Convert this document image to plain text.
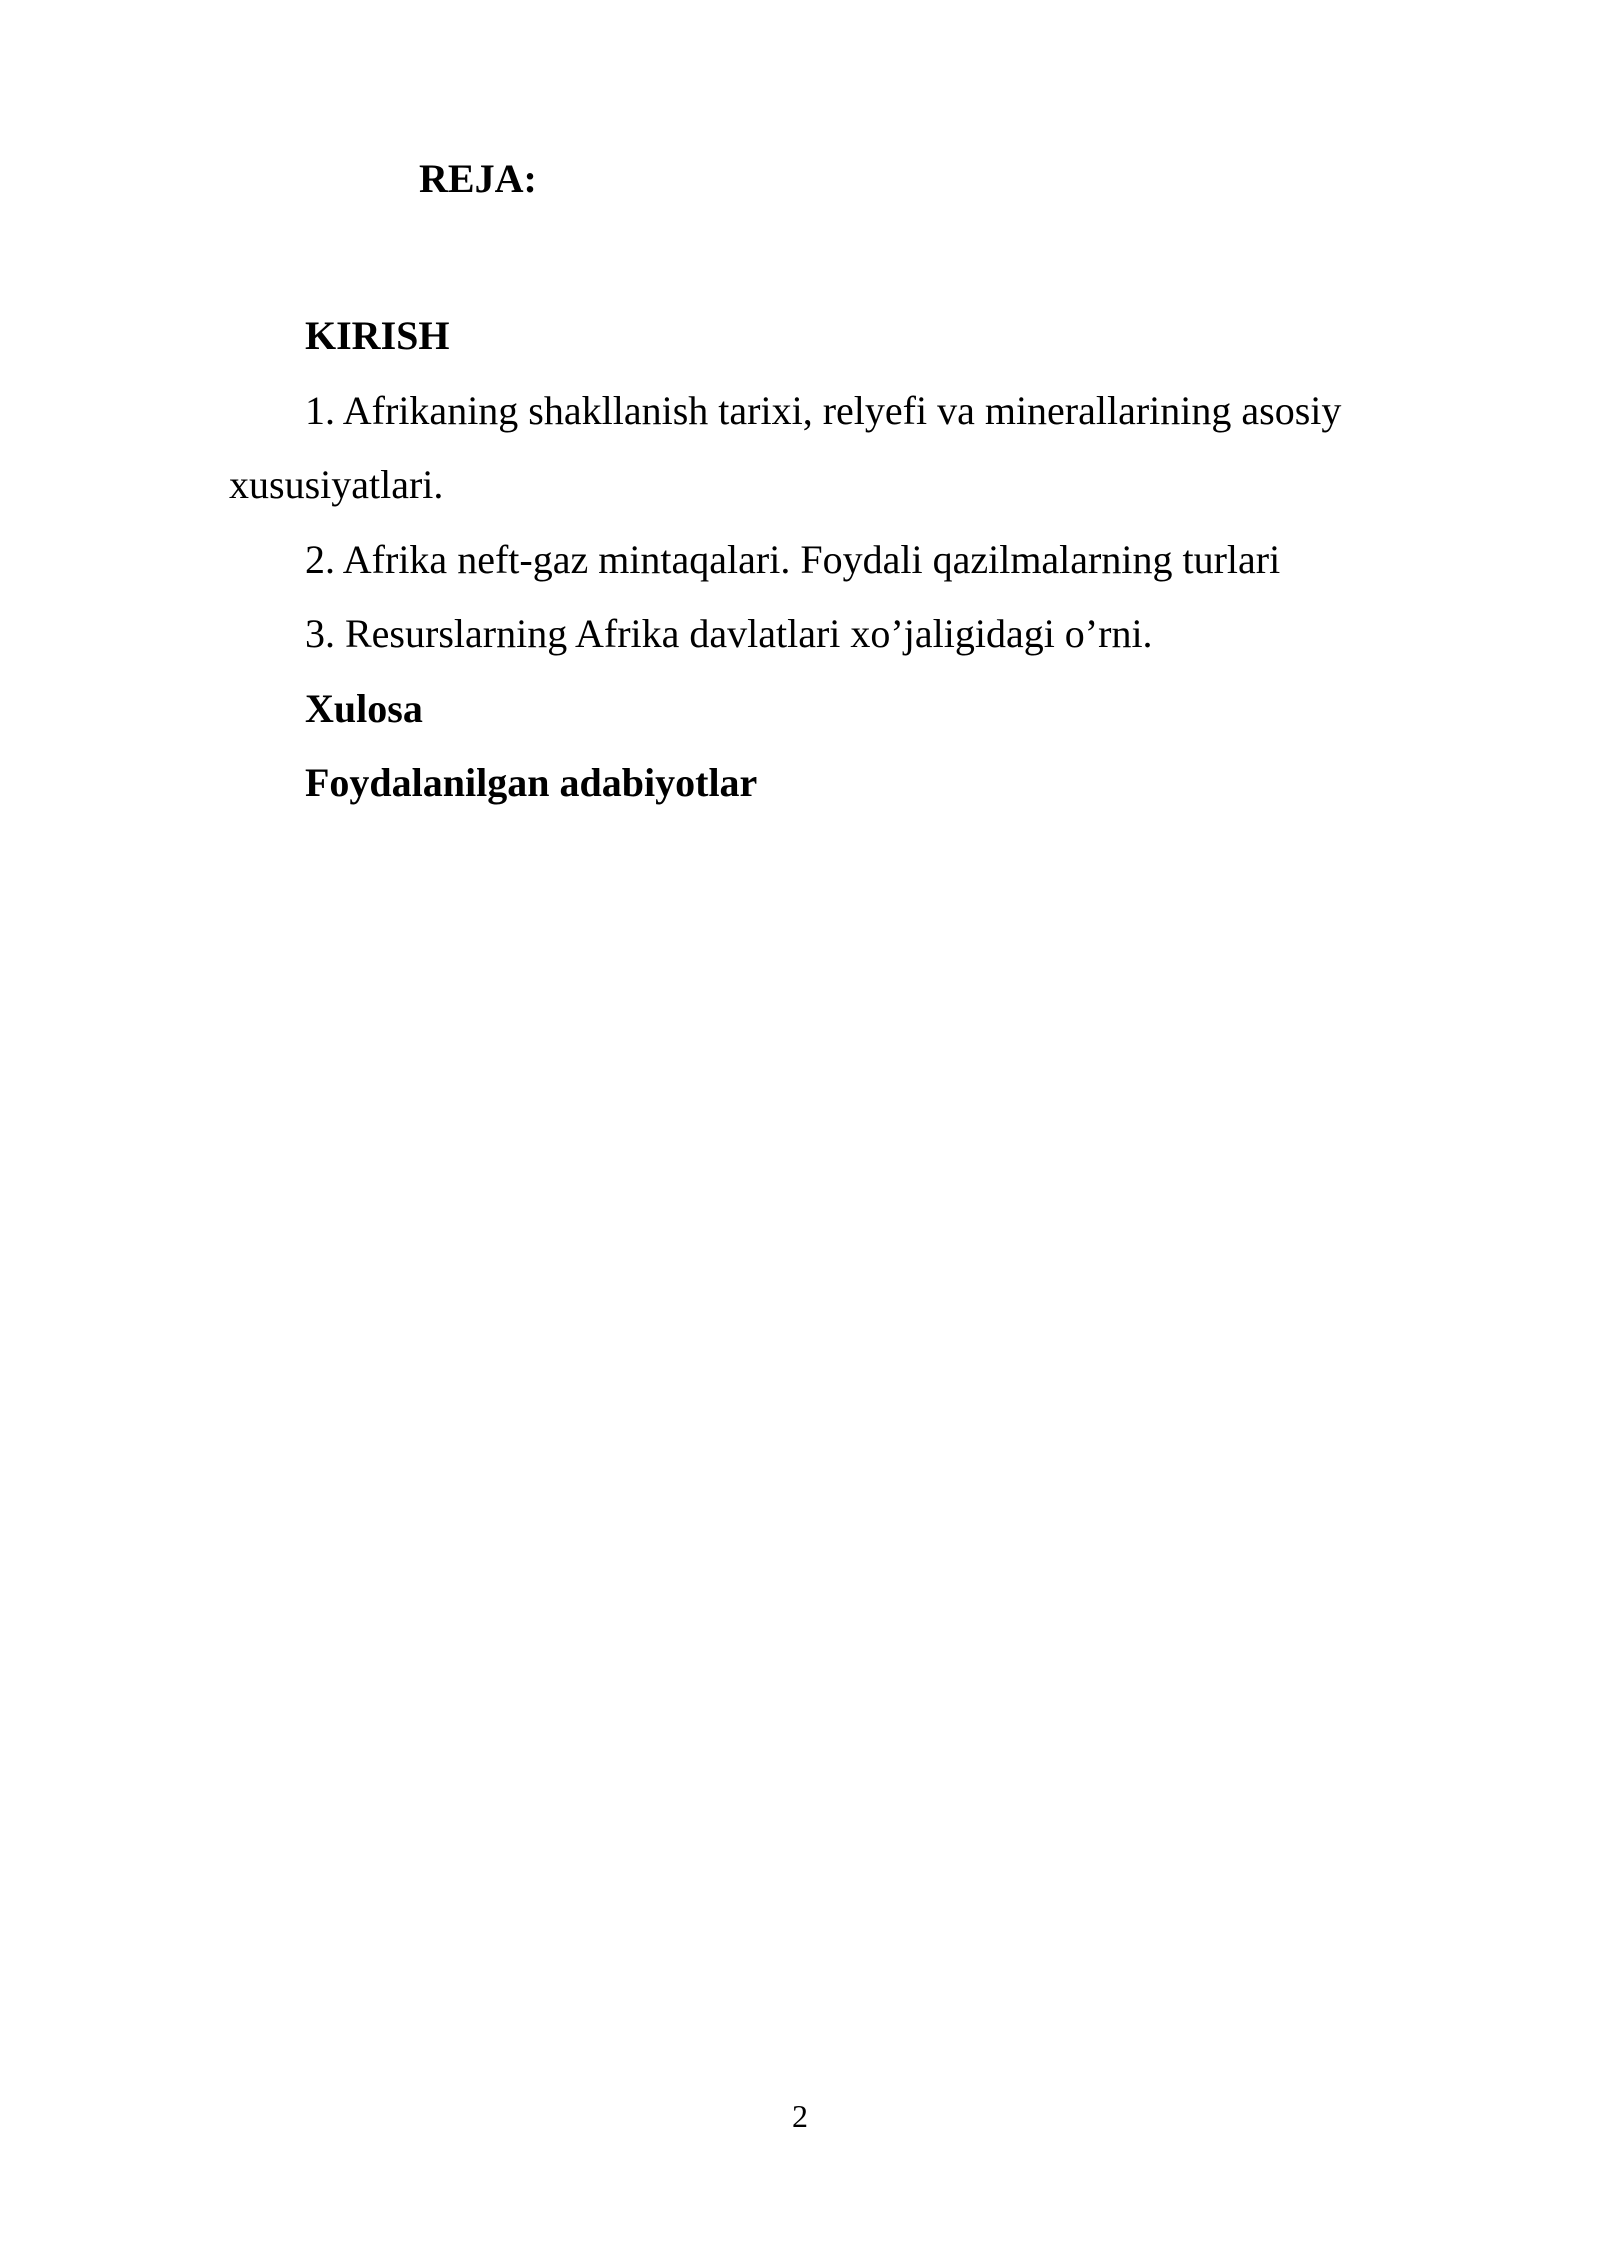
REJA:

KIRISH

1. Afrikaning shakllanish tarixi, relyefi va minerallarining asosiy xususiyatlari.

2. Afrika neft-gaz mintaqalari. Foydali qazilmalarning turlari

3. Resurslarning Afrika davlatlari xo’jaligidagi o’rni.

Xulosa

Foydalanilgan adabiyotlar

2
